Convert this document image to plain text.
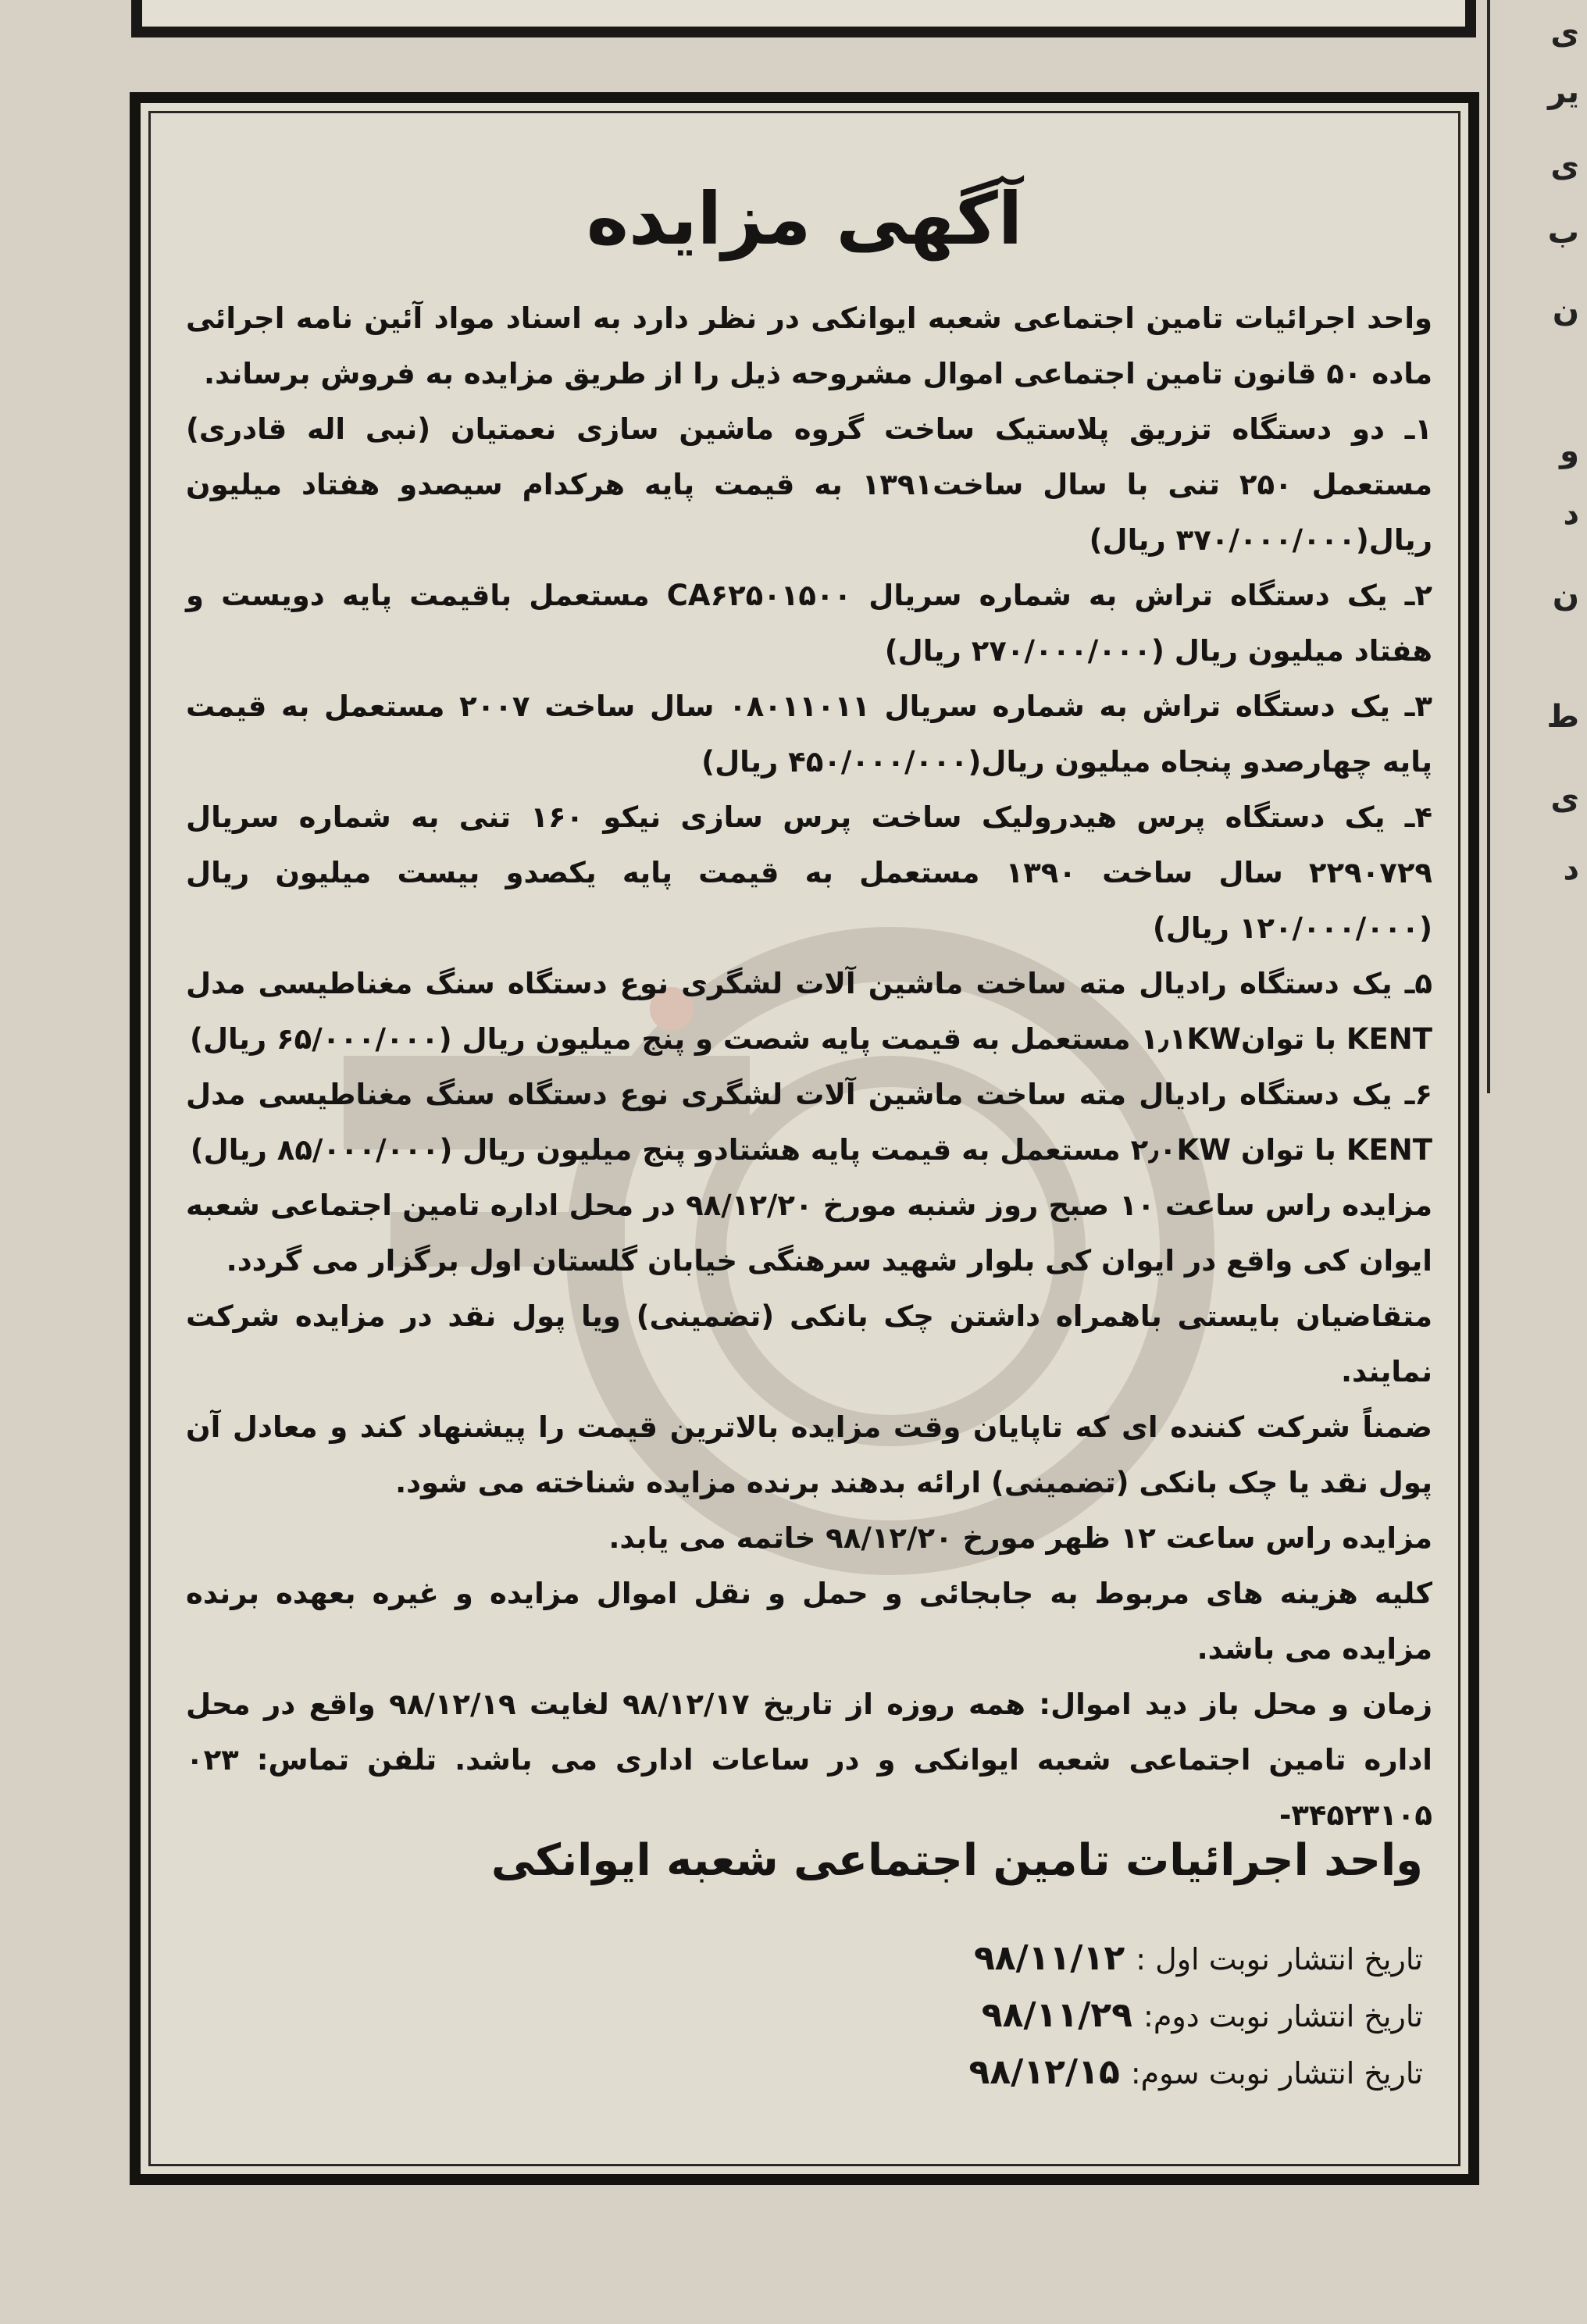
ی
یر
ی
ب
ن
و
د
ن
ط
ی
د
آگهی مزایده

واحد اجرائیات تامین اجتماعی شعبه ایوانکی در نظر دارد به اسناد مواد آئین نامه اجرائی ماده ۵۰ قانون تامین اجتماعی اموال مشروحه ذیل را از طریق مزایده به فروش برساند.

۱ـ دو دستگاه تزریق پلاستیک ساخت گروه ماشین سازی نعمتیان (نبی اله قادری) مستعمل ۲۵۰ تنی با سال ساخت۱۳۹۱ به قیمت پایه هرکدام سیصدو هفتاد میلیون ریال(۳۷۰/۰۰۰/۰۰۰ ریال)

۲ـ یک دستگاه تراش به شماره سریال CA۶۲۵۰۱۵۰۰ مستعمل باقیمت پایه دویست و هفتاد میلیون ریال (۲۷۰/۰۰۰/۰۰۰ ریال)

۳ـ یک دستگاه تراش به شماره سریال ۰۸۰۱۱۰۱۱ سال ساخت ۲۰۰۷ مستعمل به قیمت پایه چهارصدو پنجاه میلیون ریال(۴۵۰/۰۰۰/۰۰۰ ریال)

۴ـ یک دستگاه پرس هیدرولیک ساخت پرس سازی نیکو ۱۶۰ تنی به شماره سریال ۲۲۹۰۷۲۹ سال ساخت ۱۳۹۰ مستعمل به قیمت پایه یکصدو بیست میلیون ریال (۱۲۰/۰۰۰/۰۰۰ ریال)

۵ـ یک دستگاه رادیال مته ساخت ماشین آلات لشگری نوع دستگاه سنگ مغناطیسی مدل KENT با توان۱٫۱KW مستعمل به قیمت پایه شصت و پنج میلیون ریال (۶۵/۰۰۰/۰۰۰ ریال)

۶ـ یک دستگاه رادیال مته ساخت ماشین آلات لشگری نوع دستگاه سنگ مغناطیسی مدل KENT با توان ۲٫۰KW مستعمل به قیمت پایه هشتادو پنج میلیون ریال (۸۵/۰۰۰/۰۰۰ ریال)

مزایده راس ساعت ۱۰ صبح روز شنبه مورخ ۹۸/۱۲/۲۰ در محل اداره تامین اجتماعی شعبه ایوان کی واقع در ایوان کی بلوار شهید سرهنگی خیابان گلستان اول برگزار می گردد.

متقاضیان بایستی باهمراه داشتن چک بانکی (تضمینی) ویا پول نقد در مزایده شرکت نمایند.

ضمناً شرکت کننده ای که تاپایان وقت مزایده بالاترین قیمت را پیشنهاد کند و معادل آن پول نقد یا چک بانکی (تضمینی) ارائه بدهند برنده مزایده شناخته می شود.

مزایده راس ساعت ۱۲ ظهر مورخ ۹۸/۱۲/۲۰ خاتمه می یابد.

کلیه هزینه های مربوط به جابجائی و حمل و نقل اموال مزایده و غیره بعهده برنده مزایده می باشد.

زمان و محل باز دید اموال: همه روزه از تاریخ ۹۸/۱۲/۱۷ لغایت ۹۸/۱۲/۱۹ واقع در محل اداره تامین اجتماعی شعبه ایوانکی و در ساعات اداری می باشد. تلفن تماس: ۰۲۳ -۳۴۵۲۳۱۰۵

واحد اجرائیات تامین اجتماعی شعبه ایوانکی
تاریخ انتشار نوبت اول :۹۸/۱۱/۱۲
تاریخ انتشار نوبت دوم:۹۸/۱۱/۲۹
تاریخ انتشار نوبت سوم:۹۸/۱۲/۱۵
